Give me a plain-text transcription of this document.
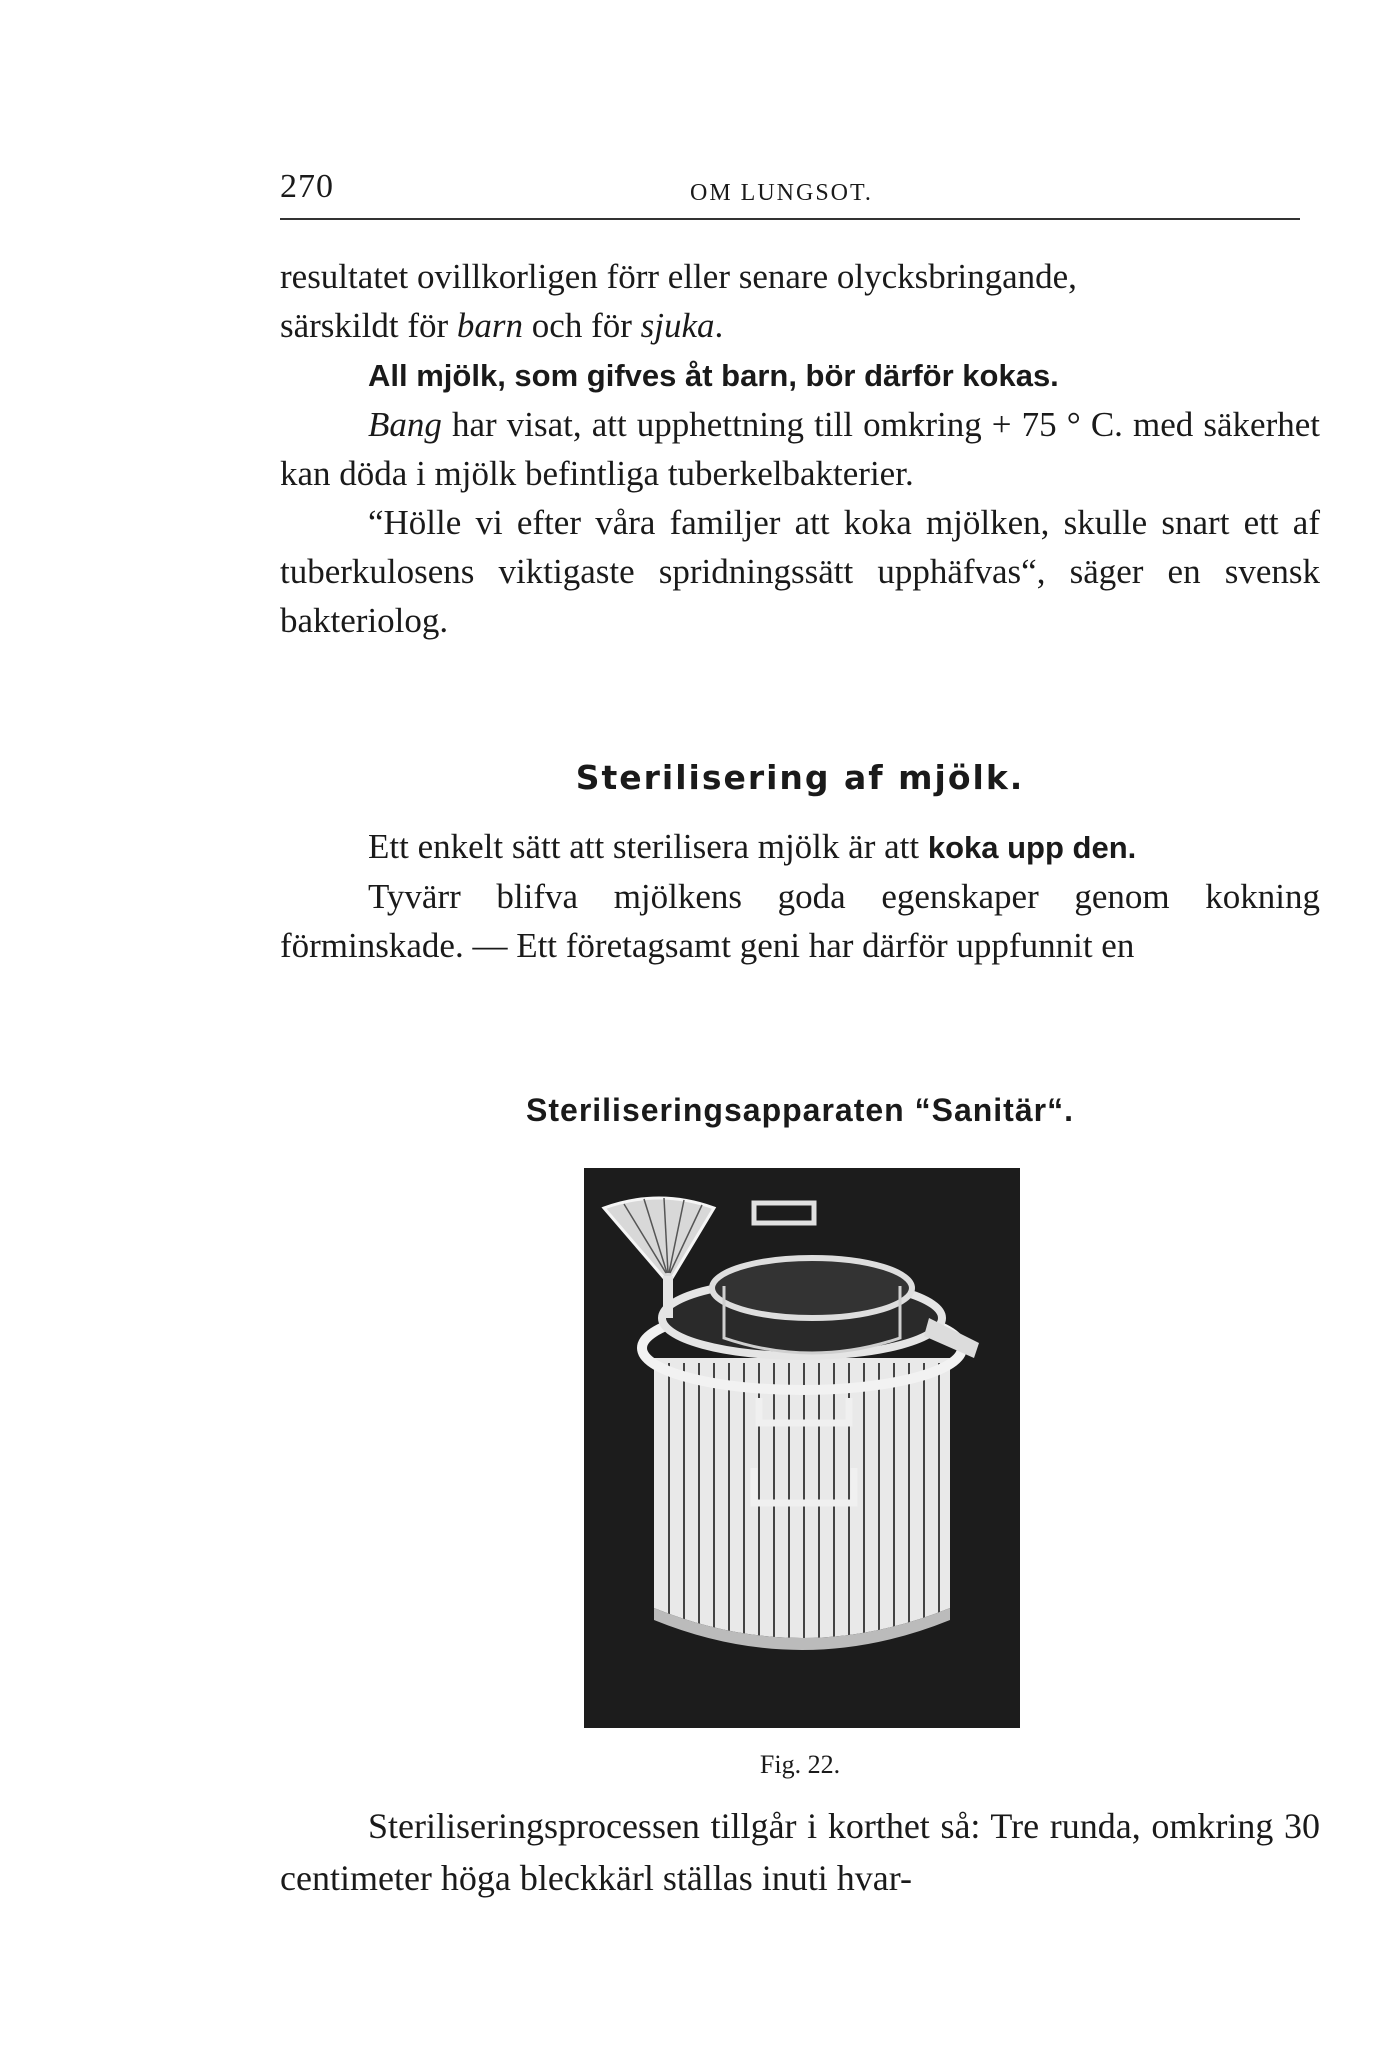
270	OM LUNGSOT.

resultatet ovillkorligen förr eller senare olycksbringande,
särskildt för barn och för sjuka.

All mjölk, som gifves åt barn, bör därför kokas.

Bang har visat, att upphettning till omkring + 75 ° C. med säkerhet kan döda i mjölk befintliga tuberkelbakterier.

“Hölle vi efter våra familjer att koka mjölken, skulle snart ett af tuberkulosens viktigaste spridningssätt upphäfvas“, säger en svensk bakteriolog.

Sterilisering af mjölk.

Ett enkelt sätt att sterilisera mjölk är att koka upp den.

Tyvärr blifva mjölkens goda egenskaper genom kokning förminskade. — Ett företagsamt geni har därför uppfunnit en

Steriliseringsapparaten “Sanitär“.
Fig. 22.

Steriliseringsprocessen tillgår i korthet så: Tre runda, omkring 30 centimeter höga bleckkärl ställas inuti hvar-
